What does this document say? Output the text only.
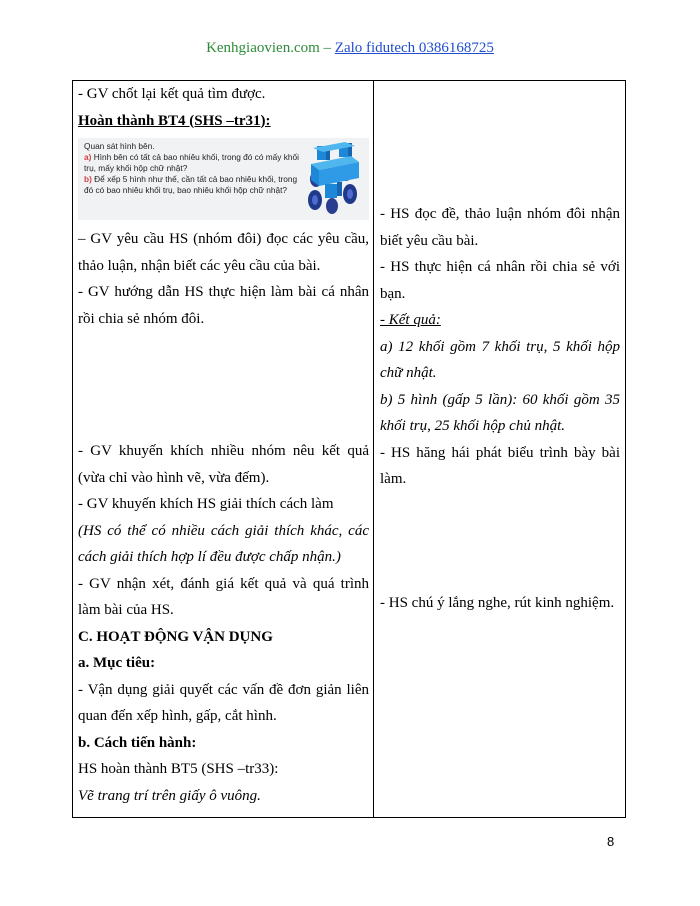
Kenhgiaovien.com – Zalo fidutech 0386168725

- GV chốt lại kết quả tìm được.

Hoàn thành BT4 (SHS –tr31):

Quan sát hình bên.
a) Hình bên có tất cả bao nhiêu khối, trong đó có mấy khối trụ, mấy khối hộp chữ nhật?
b) Để xếp 5 hình như thế, cần tất cả bao nhiêu khối, trong đó có bao nhiêu khối trụ, bao nhiêu khối hộp chữ nhật?

– GV yêu cầu HS (nhóm đôi) đọc các yêu cầu, thảo luận, nhận biết các yêu cầu của bài.

- GV hướng dẫn HS thực hiện làm bài cá nhân rồi chia sẻ nhóm đôi.

- GV khuyến khích nhiều nhóm nêu kết quả (vừa chỉ vào hình vẽ, vừa đếm).

- GV khuyến khích HS giải thích cách làm

(HS có thể có nhiều cách giải thích khác, các cách giải thích hợp lí đều được chấp nhận.)

- GV nhận xét, đánh giá kết quả và quá trình làm bài của HS.

C. HOẠT ĐỘNG VẬN DỤNG

a. Mục tiêu:

- Vận dụng giải quyết các vấn đề đơn giản liên quan đến xếp hình, gấp, cắt hình.

b. Cách tiến hành:

HS hoàn thành BT5 (SHS –tr33):

Vẽ trang trí trên giấy ô vuông.

- HS đọc đề, thảo luận nhóm đôi nhận biết yêu cầu bài.

- HS thực hiện cá nhân rồi chia sẻ với bạn.

- Kết quả:

a) 12 khối gồm 7 khối trụ, 5 khối hộp chữ nhật.

b) 5 hình (gấp 5 lần): 60 khối gồm 35 khối trụ, 25 khối hộp chủ nhật.

- HS hăng hái phát biểu trình bày bài làm.

- HS chú ý lắng nghe, rút kinh nghiệm.

8
